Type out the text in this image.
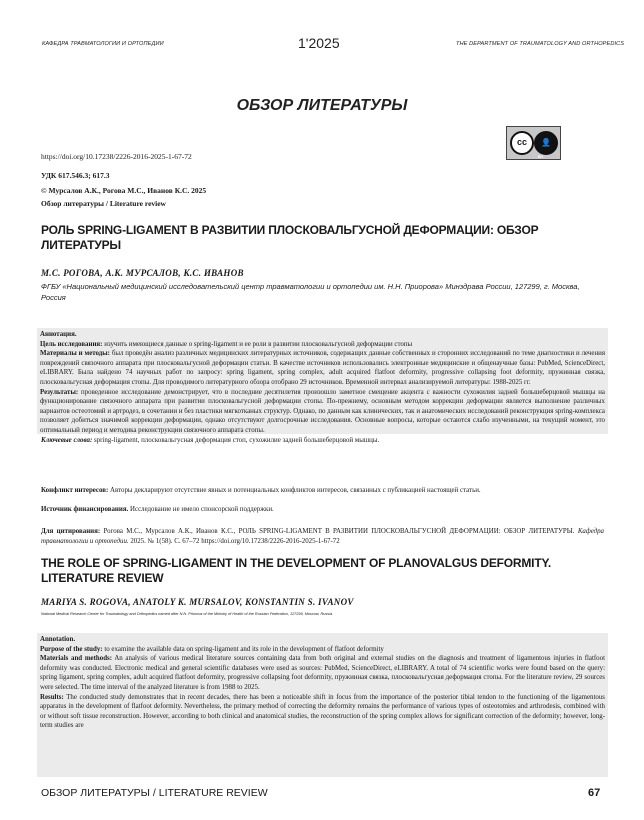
КАФЕДРА ТРАВМАТОЛОГИИ И ОРТОПЕДИИ	1'2025	THE DEPARTMENT OF TRAUMATOLOGY AND ORTHOPEDICS
ОБЗОР ЛИТЕРАТУРЫ
cc	👤
BY
https://doi.org/10.17238/2226-2016-2025-1-67-72
УДК 617.546.3; 617.3
© Мурсалов А.К., Рогова М.С., Иванов К.С. 2025
Обзор литературы / Literature review
РОЛЬ SPRING-LIGAMENT В РАЗВИТИИ ПЛОСКОВАЛЬГУСНОЙ ДЕФОРМАЦИИ: ОБЗОР ЛИТЕРАТУРЫ
М.С. РОГОВА, А.К. МУРСАЛОВ, К.С. ИВАНОВ
ФГБУ «Национальный медицинский исследовательский центр травматологии и ортопедии им. Н.Н. Приорова» Минздрава России, 127299, г. Москва, Россия

Аннотация.

Цель исследования: изучить имеющиеся данные о spring-ligament и ее роли в развитии плосковальгусной деформации стопы

Материалы и методы: был проведён анализ различных медицинских литературных источников, содержащих данные собственных и сторонних исследований по теме диагностики и лечения повреждений связочного аппарата при плосковальгусной деформации статьи. В качестве источников использовались электронные медицинские и общенаучные базы: PubMed, ScienceDirect, eLIBRARY. Была найдено 74 научных работ по запросу: spring ligament, spring complex, adult acquired flatfoot deformity, progressive collapsing foot deformity, пружинная связка, плосковальгусная деформация стопы. Для проводимого литературного обзора отобрано 29 источников. Временной интервал анализируемой литературы: 1988-2025 гг.

Результаты: проведенное исследование демонстрирует, что в последние десятилетия произошло заметное смещение акцента с важности сухожилия задней большеберцовой мышцы на функционирование связочного аппарата при развитии плосковальгусной деформации стопы. По-прежнему, основным методом коррекции деформации является выполнение различных вариантов остеотомий и артродез, в сочетании и без пластики мягкотканых структур. Однако, по данным как клинических, так и анатомических исследований реконструкция spring-комплекса позволяет добиться значимой коррекции деформации, однако отсутствуют долгосрочные исследования. Основные вопросы, которые остаются слабо изученными, на текущий момент, это оптимальный период и методика реконструкции связочного аппарата стопы.

Ключевые слова: spring-ligament, плосковальгусная деформация стоп, сухожилие задней большеберцовой мышцы.
Конфликт интересов: Авторы декларируют отсутствие явных и потенциальных конфликтов интересов, связанных с публикацией настоящей статьи.
Источник финансирования. Исследование не имело спонсорской поддержки.
Для цитирования: Рогова М.С., Мурсалов А.К., Иванов К.С., РОЛЬ SPRING-LIGAMENT В РАЗВИТИИ ПЛОСКОВАЛЬГУСНОЙ ДЕФОРМАЦИИ: ОБЗОР ЛИТЕРАТУРЫ. Кафедра травматологии и ортопедии. 2025. № 1(58). С. 67–72 https://doi.org/10.17238/2226-2016-2025-1-67-72
THE ROLE OF SPRING-LIGAMENT IN THE DEVELOPMENT OF PLANOVALGUS DEFORMITY. LITERATURE REVIEW
MARIYA S. ROGOVA, ANATOLY K. MURSALOV, KONSTANTIN S. IVANOV
National Medical Research Center for Traumatology and Orthopedics named after N.N. Priorova of the Ministry of Health of the Russian Federation, 127299, Moscow, Russia.

Annotation.

Purpose of the study: to examine the available data on spring-ligament and its role in the development of flatfoot deformity

Materials and methods: An analysis of various medical literature sources containing data from both original and external studies on the diagnosis and treatment of ligamentous injuries in flatfoot deformity was conducted. Electronic medical and general scientific databases were used as sources: PubMed, ScienceDirect, eLIBRARY. A total of 74 scientific works were found based on the query: spring ligament, spring complex, adult acquired flatfoot deformity, progressive collapsing foot deformity, пружинная связка, плосковальгусная деформация стопы. For the literature review, 29 sources were selected. The time interval of the analyzed literature is from 1988 to 2025.

Results: The conducted study demonstrates that in recent decades, there has been a noticeable shift in focus from the importance of the posterior tibial tendon to the functioning of the ligamentous apparatus in the development of flatfoot deformity. Nevertheless, the primary method of correcting the deformity remains the performance of various types of osteotomies and arthrodesis, combined with or without soft tissue reconstruction. However, according to both clinical and anatomical studies, the reconstruction of the spring complex allows for significant correction of the deformity; however, long-term studies are

ОБЗОР ЛИТЕРАТУРЫ / LITERATURE REVIEW	67
